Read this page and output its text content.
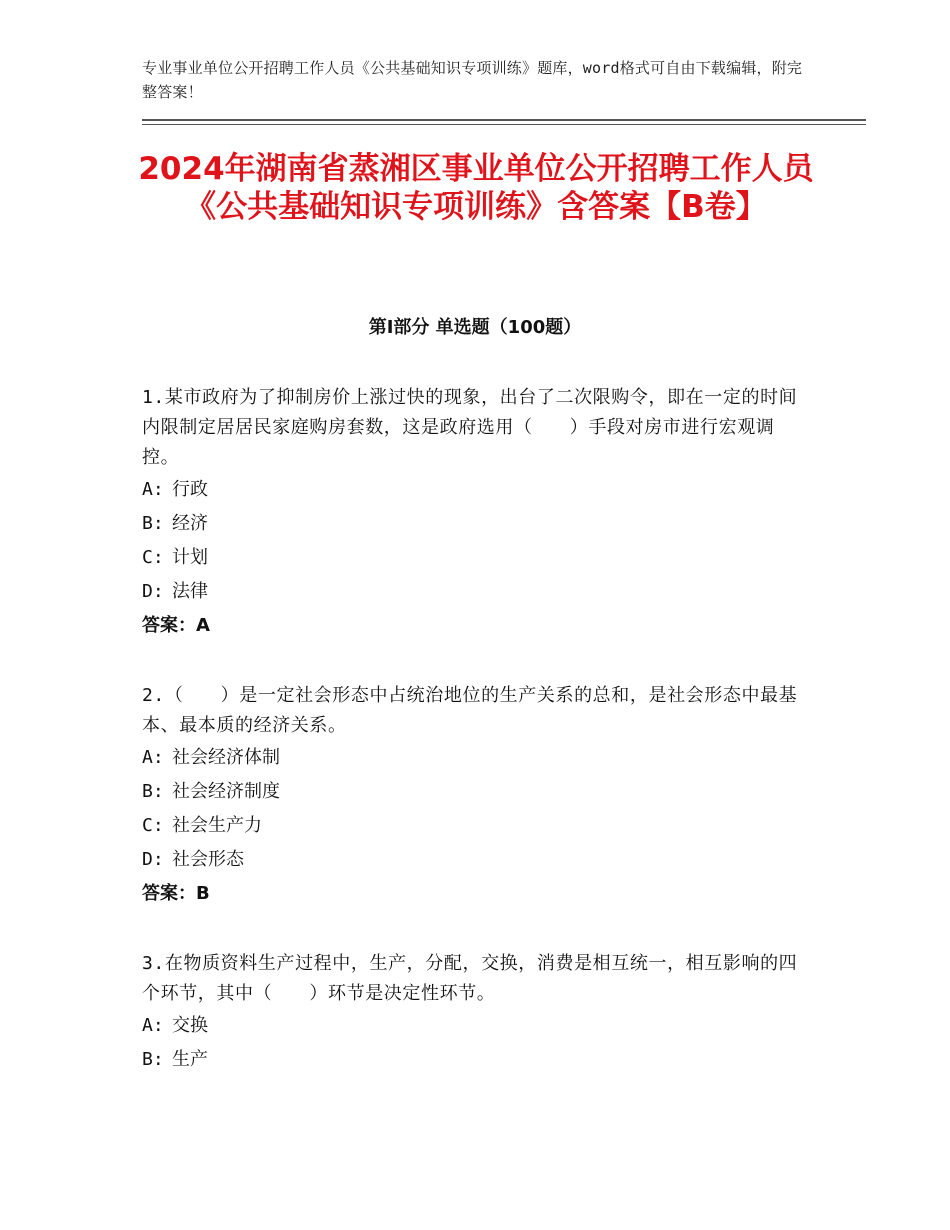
专业事业单位公开招聘工作人员《公共基础知识专项训练》题库，word格式可自由下载编辑，附完整答案！
2024年湖南省蒸湘区事业单位公开招聘工作人员《公共基础知识专项训练》含答案【B卷】
第Ⅰ部分 单选题（100题）
1.某市政府为了抑制房价上涨过快的现象，出台了二次限购令，即在一定的时间内限制定居居民家庭购房套数，这是政府选用（　　）手段对房市进行宏观调控。
A: 行政
B: 经济
C: 计划
D: 法律
答案：A
2.（　　）是一定社会形态中占统治地位的生产关系的总和，是社会形态中最基本、最本质的经济关系。
A: 社会经济体制
B: 社会经济制度
C: 社会生产力
D: 社会形态
答案：B
3.在物质资料生产过程中，生产，分配，交换，消费是相互统一，相互影响的四个环节，其中（　　）环节是决定性环节。
A: 交换
B: 生产
